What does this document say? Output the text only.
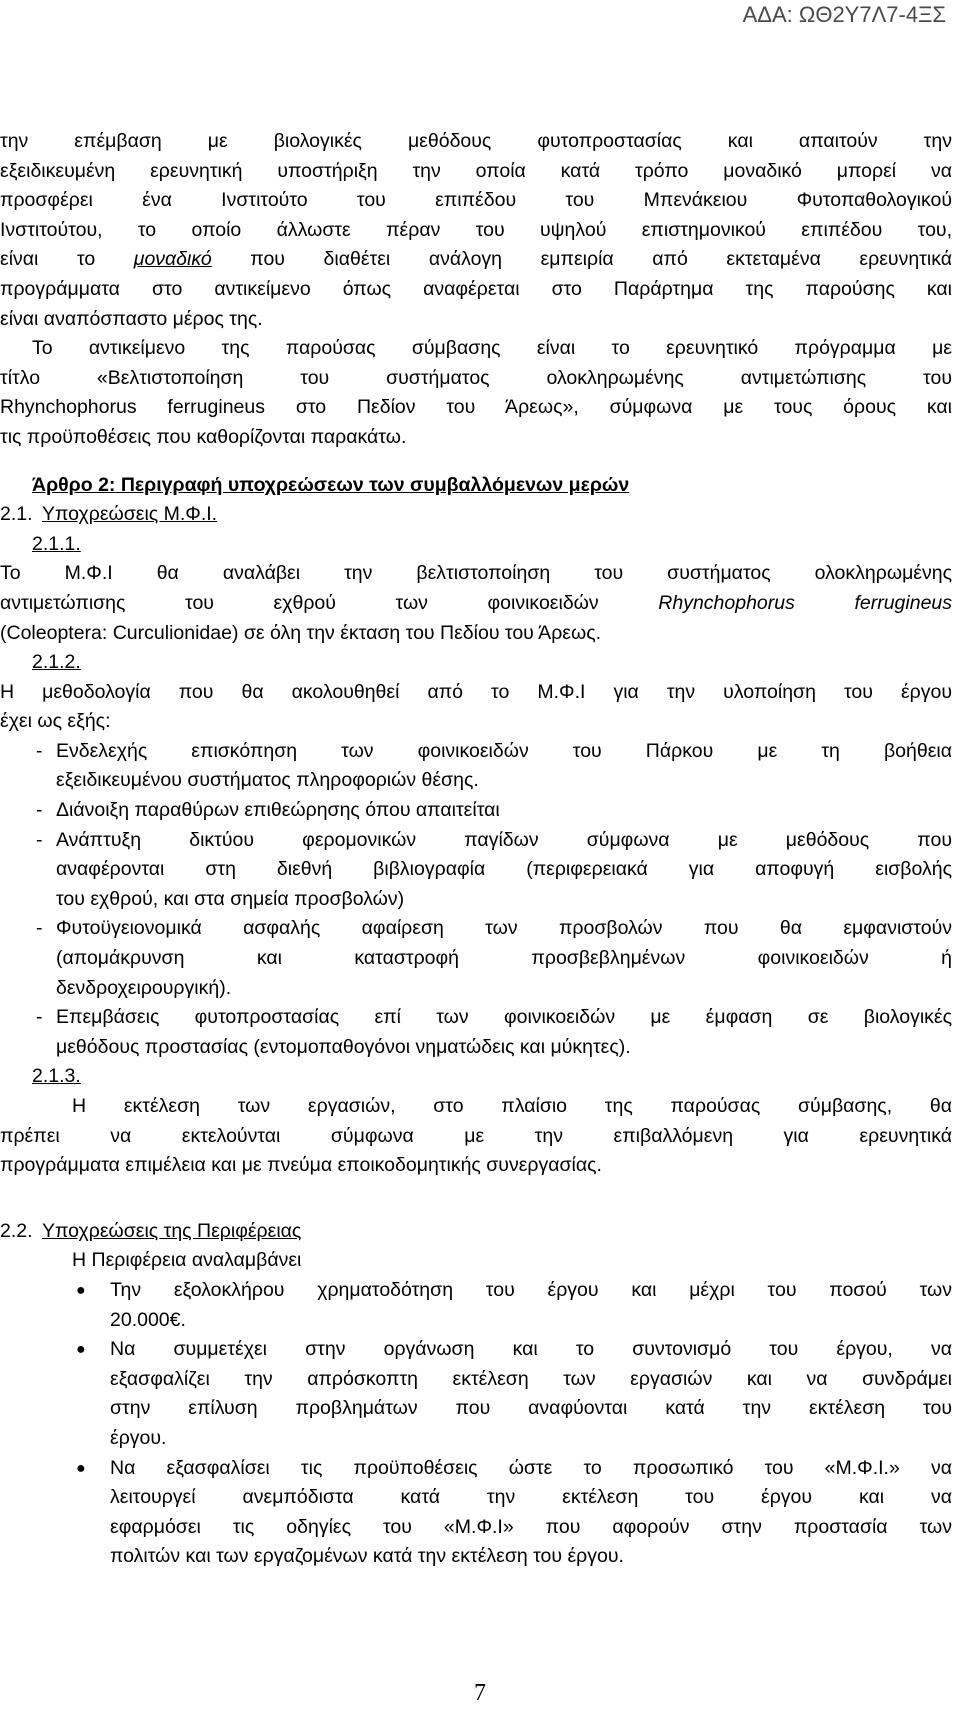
ΑΔΑ: ΩΘ2Υ7Λ7-4ΞΣ

την επέμβαση με βιολογικές μεθόδους φυτοπροστασίας και απαιτούν την

εξειδικευμένη ερευνητική υποστήριξη την οποία κατά τρόπο μοναδικό μπορεί να

προσφέρει ένα Ινστιτούτο του επιπέδου του Μπενάκειου Φυτοπαθολογικού

Ινστιτούτου, το οποίο άλλωστε πέραν του υψηλού επιστημονικού επιπέδου του,

είναι το μοναδικό που διαθέτει ανάλογη εμπειρία από εκτεταμένα ερευνητικά

προγράμματα στο αντικείμενο όπως αναφέρεται στο Παράρτημα της παρούσης και

είναι αναπόσπαστο μέρος της.

Το αντικείμενο της παρούσας σύμβασης είναι το ερευνητικό πρόγραμμα με

τίτλο «Βελτιστοποίηση του συστήματος ολοκληρωμένης αντιμετώπισης του

Rhynchophorus ferrugineus στο Πεδίον του Άρεως», σύμφωνα με τους όρους και

τις προϋποθέσεις που καθορίζονται παρακάτω.

Άρθρο 2: Περιγραφή υποχρεώσεων των συμβαλλόμενων μερών

2.1. Υποχρεώσεις Μ.Φ.Ι.

2.1.1.

Το Μ.Φ.Ι θα αναλάβει την βελτιστοποίηση του συστήματος ολοκληρωμένης

αντιμετώπισης του εχθρού των φοινικοειδών	Rhynchophorus ferrugineus

(Coleoptera: Curculionidae) σε όλη την έκταση του Πεδίου του Άρεως.

2.1.2.

Η μεθοδολογία που θα ακολουθηθεί από το Μ.Φ.Ι για την υλοποίηση του έργου

έχει ως εξής:

- Ενδελεχής επισκόπηση των φοινικοειδών του Πάρκου με τη βοήθεια

εξειδικευμένου συστήματος πληροφοριών θέσης.

- Διάνοιξη παραθύρων επιθεώρησης όπου απαιτείται

- Ανάπτυξη δικτύου φερομονικών παγίδων σύμφωνα με μεθόδους που

αναφέρονται στη διεθνή βιβλιογραφία (περιφερειακά για αποφυγή εισβολής

του εχθρού, και στα σημεία προσβολών)

- Φυτοϋγειονομικά ασφαλής αφαίρεση των προσβολών που θα εμφανιστούν

(απομάκρυνση και καταστροφή προσβεβλημένων φοινικοειδών ή

δενδροχειρουργική).

- Επεμβάσεις φυτοπροστασίας επί των φοινικοειδών με έμφαση σε βιολογικές

μεθόδους προστασίας (εντομοπαθογόνοι νηματώδεις και μύκητες).

2.1.3.

Η εκτέλεση των εργασιών, στο πλαίσιο της παρούσας σύμβασης, θα

πρέπει να εκτελούνται σύμφωνα με την επιβαλλόμενη για ερευνητικά

προγράμματα επιμέλεια και με πνεύμα εποικοδομητικής συνεργασίας.

2.2. Υποχρεώσεις της Περιφέρειας

Η Περιφέρεια αναλαμβάνει

●	Την εξολοκλήρου χρηματοδότηση του έργου και μέχρι του ποσού των

20.000€.

●	Να συμμετέχει στην οργάνωση και το συντονισμό του έργου, να

εξασφαλίζει την απρόσκοπτη εκτέλεση των εργασιών και να συνδράμει

στην επίλυση προβλημάτων που αναφύονται κατά την εκτέλεση του

έργου.

●	Να εξασφαλίσει τις προϋποθέσεις ώστε το προσωπικό του «Μ.Φ.Ι.» να

λειτουργεί ανεμπόδιστα κατά την εκτέλεση του έργου και να

εφαρμόσει τις οδηγίες του «Μ.Φ.Ι» που αφορούν στην προστασία των

πολιτών και των εργαζομένων κατά την εκτέλεση του έργου.

7
